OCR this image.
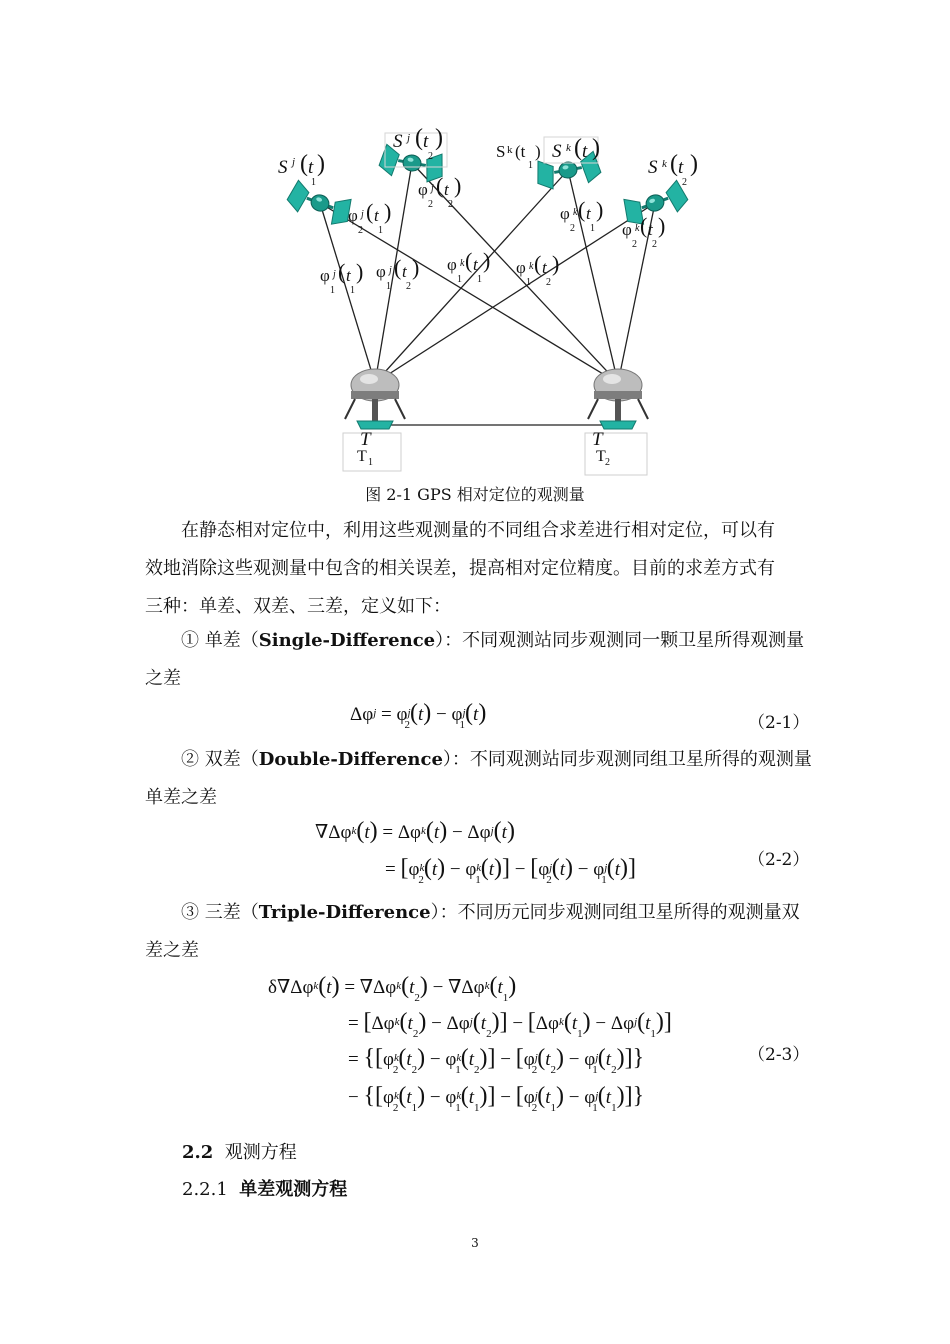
S j ( t )
1
S j ( t )
2	S k (t )
1
S k ( t )
S k ( t )
2
φ j
2
( t )
2
φ j
2
( t )
1
φ j
1
( t )
1
φ j
1
( t )
2
φ k
1
( t )
1
φ k
1
( t )
2
φ k
2
( t )
1 φ k
2
( t )
2
T
T 1
T
T 2
图 2-1 GPS 相对定位的观测量
在静态相对定位中，利用这些观测量的不同组合求差进行相对定位，可以有
效地消除这些观测量中包含的相关误差，提高相对定位精度。目前的求差方式有
三种：单差、双差、三差，定义如下：
① 单差（Single-Difference）：不同观测站同步观测同一颗卫星所得观测量
之差
$\Delta\varphi^j = \varphi^j_2(t) - \varphi^j_1(t)$	（2-1）
② 双差（Double-Difference）：不同观测站同步观测同组卫星所得的观测量
单差之差
$\nabla\Delta\varphi^k(t) = \Delta\varphi^k(t) - \Delta\varphi^j(t)$
= $[\varphi^k_2(t) - \varphi^k_1(t)] - [\varphi^j_2(t) - \varphi^j_1(t)]$	（2-2）
③ 三差（Triple-Difference）：不同历元同步观测同组卫星所得的观测量双
差之差
$\delta\nabla\Delta\varphi^k(t) = \nabla\Delta\varphi^k(t_2) - \nabla\Delta\varphi^k(t_1)$
= $[\Delta\varphi^k(t_2) - \Delta\varphi^j(t_2)] - [\Delta\varphi^k(t_1) - \Delta\varphi^j(t_1)]$
= $\{[\varphi^k_2(t_2) - \varphi^k_1(t_2)] - [\varphi^j_2(t_2) - \varphi^j_1(t_2)]\}$
− $\{[\varphi^k_2(t_1) - \varphi^k_1(t_1)] - [\varphi^j_2(t_1) - \varphi^j_1(t_1)]\}$
（2-3）
2.2 观测方程
2.2.1 单差观测方程
3
